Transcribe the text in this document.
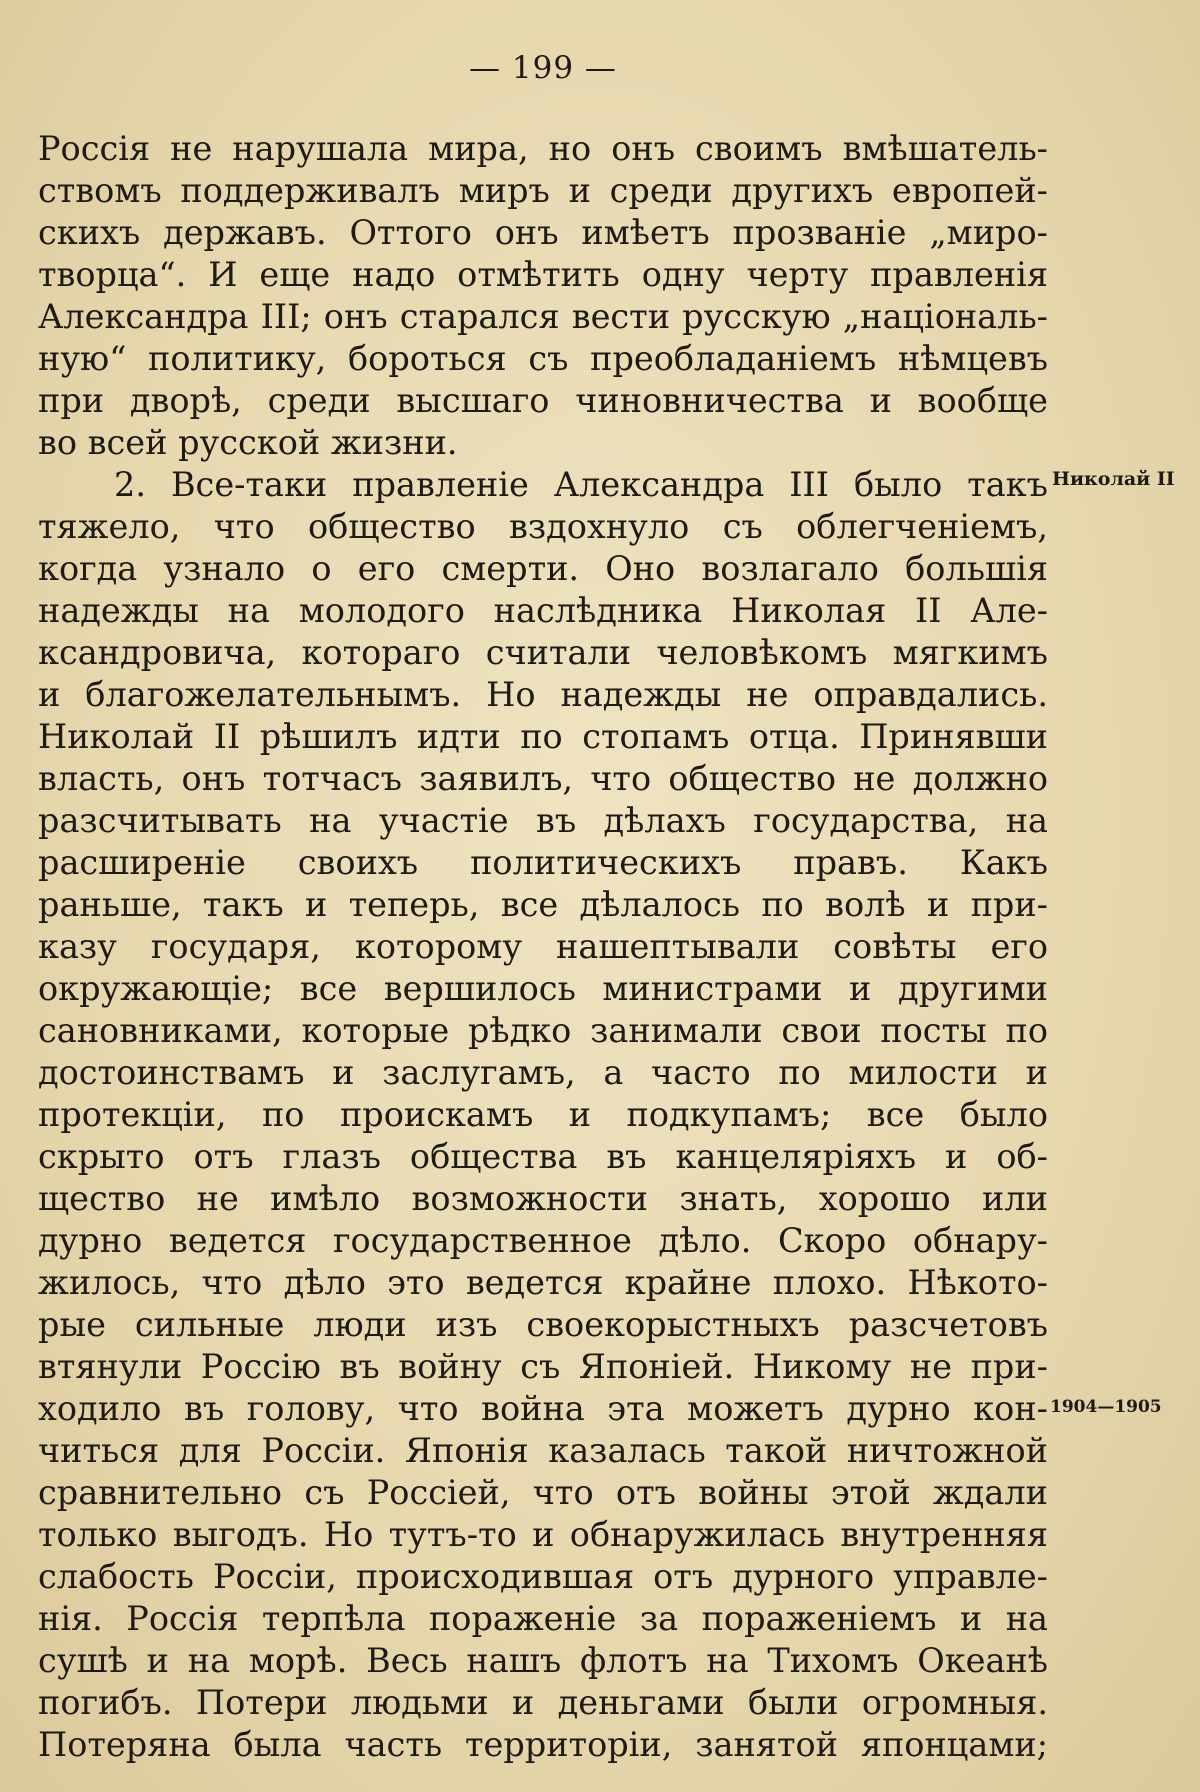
— 199 —
Россія не нарушала мира, но онъ своимъ вмѣшатель-
ствомъ поддерживалъ миръ и среди другихъ европей-
скихъ державъ. Оттого онъ имѣетъ прозваніе „миро-
творца“. И еще надо отмѣтить одну черту правленія
Александра III; онъ старался вести русскую „національ-
ную“ политику, бороться съ преобладаніемъ нѣмцевъ
при дворѣ, среди высшаго чиновничества и вообще
во всей русской жизни.
2. Все-таки правленіе Александра III было такъ
тяжело, что общество вздохнуло съ облегченіемъ,
когда узнало о его смерти. Оно возлагало большія
надежды на молодого наслѣдника Николая II Але-
ксандровича, котораго считали человѣкомъ мягкимъ
и благожелательнымъ. Но надежды не оправдались.
Николай II рѣшилъ идти по стопамъ отца. Принявши
власть, онъ тотчасъ заявилъ, что общество не должно
разсчитывать на участіе въ дѣлахъ государства, на
расширеніе своихъ политическихъ правъ. Какъ
раньше, такъ и теперь, все дѣлалось по волѣ и при-
казу государя, которому нашептывали совѣты его
окружающіе; все вершилось министрами и другими
сановниками, которые рѣдко занимали свои посты по
достоинствамъ и заслугамъ, а часто по милости и
протекціи, по проискамъ и подкупамъ; все было
скрыто отъ глазъ общества въ канцеляріяхъ и об-
щество не имѣло возможности знать, хорошо или
дурно ведется государственное дѣло. Скоро обнару-
жилось, что дѣло это ведется крайне плохо. Нѣкото-
рые сильные люди изъ своекорыстныхъ разсчетовъ
втянули Россію въ войну съ Японіей. Никому не при-
ходило въ голову, что война эта можетъ дурно кон-
читься для Россіи. Японія казалась такой ничтожной
сравнительно съ Россіей, что отъ войны этой ждали
только выгодъ. Но тутъ-то и обнаружилась внутренняя
слабость Россіи, происходившая отъ дурного управле-
нія. Россія терпѣла пораженіе за пораженіемъ и на
сушѣ и на морѣ. Весь нашъ флотъ на Тихомъ Океанѣ
погибъ. Потери людьми и деньгами были огромныя.
Потеряна была часть территоріи, занятой японцами;
Николай II
1904—1905
